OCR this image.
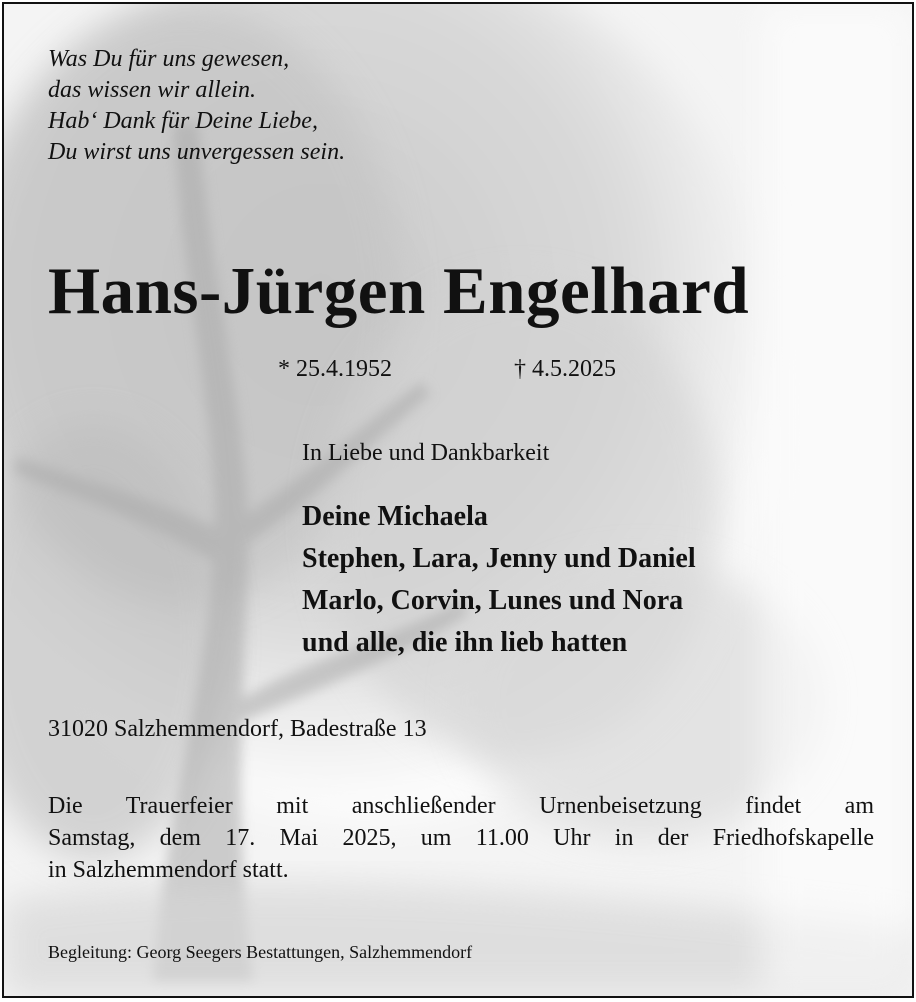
Was Du für uns gewesen,
das wissen wir allein.
Hab‘ Dank für Deine Liebe,
Du wirst uns unvergessen sein.
Hans-Jürgen Engelhard
* 25.4.1952	† 4.5.2025
In Liebe und Dankbarkeit
Deine Michaela
Stephen, Lara, Jenny und Daniel
Marlo, Corvin, Lunes und Nora
und alle, die ihn lieb hatten
31020 Salzhemmendorf, Badestraße 13
Die Trauerfeier mit anschließender Urnenbeisetzung findet am
Samstag, dem 17. Mai 2025, um 11.00 Uhr in der Friedhofskapelle
in Salzhemmendorf statt.
Begleitung: Georg Seegers Bestattungen, Salzhemmendorf
